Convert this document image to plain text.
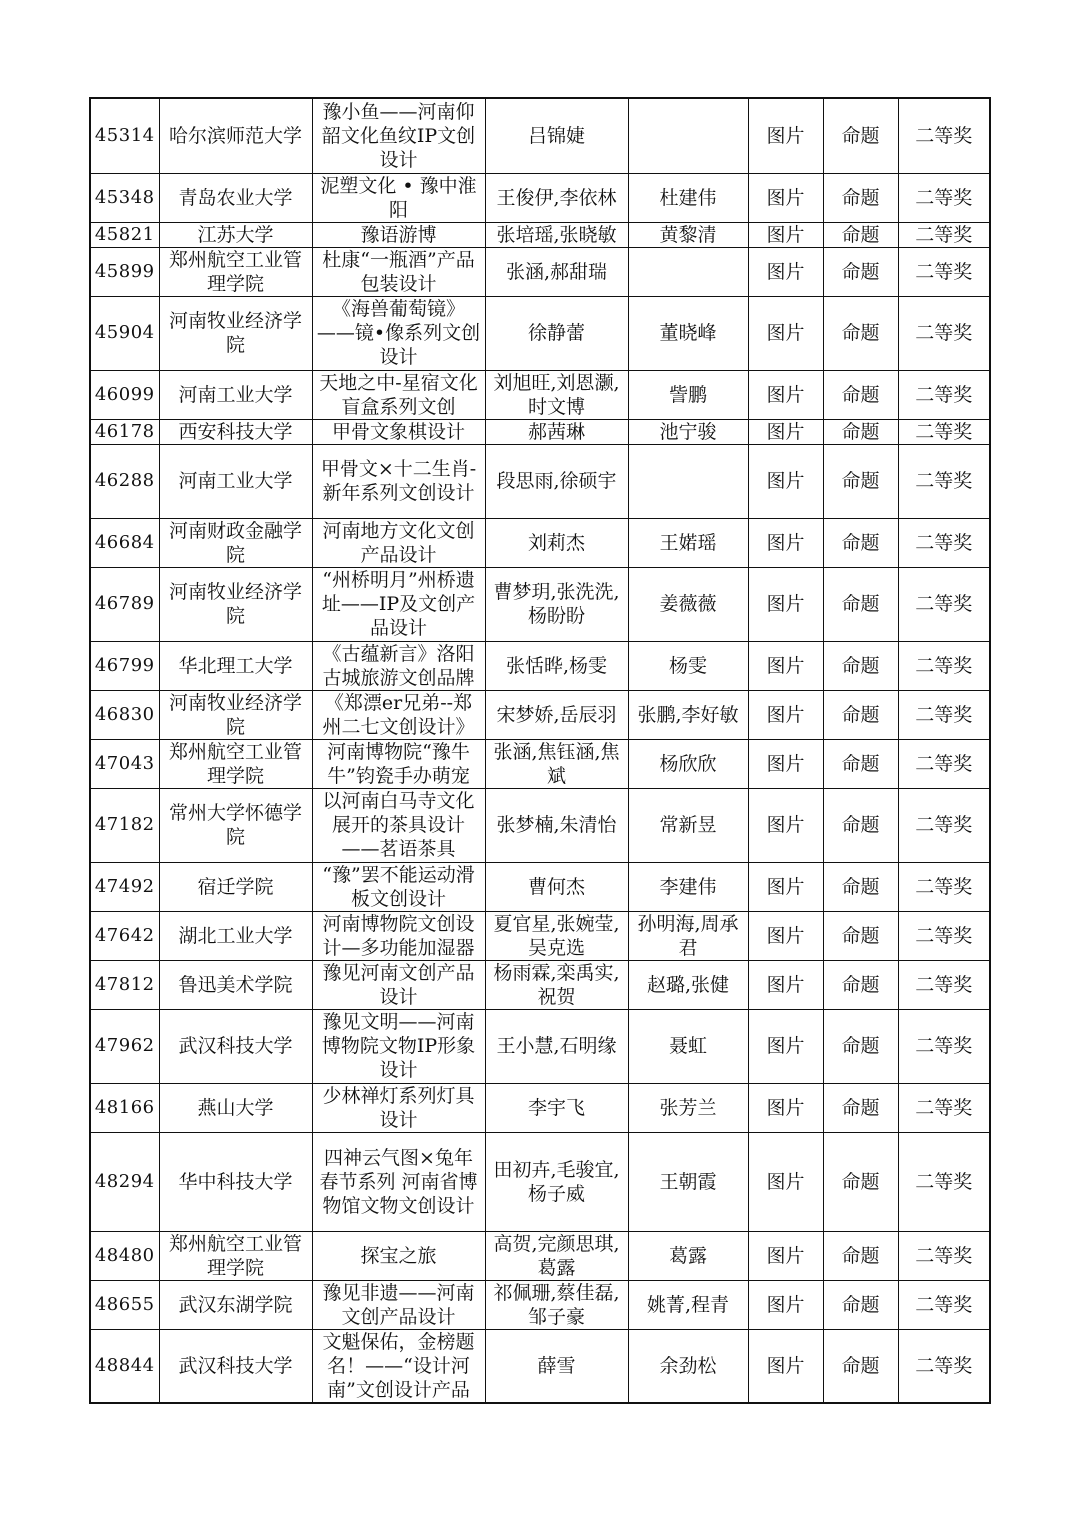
45314	哈尔滨师范大学	豫小鱼——河南仰韶文化鱼纹IP文创设计	吕锦婕		图片	命题	二等奖
45348	青岛农业大学	泥塑文化 • 豫中淮阳	王俊伊,李依林	杜建伟	图片	命题	二等奖
45821	江苏大学	豫语游博	张培瑶,张晓敏	黄黎清	图片	命题	二等奖
45899	郑州航空工业管理学院	杜康“一瓶酒”产品包装设计	张涵,郝甜瑞		图片	命题	二等奖
45904	河南牧业经济学院	《海兽葡萄镜》——镜•像系列文创设计	徐静蕾	董晓峰	图片	命题	二等奖
46099	河南工业大学	天地之中-星宿文化盲盒系列文创	刘旭旺,刘恩灏,时文博	訾鹏	图片	命题	二等奖
46178	西安科技大学	甲骨文象棋设计	郝茜琳	池宁骏	图片	命题	二等奖
46288	河南工业大学	甲骨文×十二生肖-新年系列文创设计	段思雨,徐硕宇		图片	命题	二等奖
46684	河南财政金融学院	河南地方文化文创产品设计	刘莉杰	王婼瑶	图片	命题	二等奖
46789	河南牧业经济学院	“州桥明月”州桥遗址——IP及文创产品设计	曹梦玥,张洗洗,杨盼盼	姜薇薇	图片	命题	二等奖
46799	华北理工大学	《古蕴新言》洛阳古城旅游文创品牌	张恬晔,杨雯	杨雯	图片	命题	二等奖
46830	河南牧业经济学院	《郑漂er兄弟--郑州二七文创设计》	宋梦娇,岳辰羽	张鹏,李好敏	图片	命题	二等奖
47043	郑州航空工业管理学院	河南博物院“豫牛牛”钧瓷手办萌宠	张涵,焦钰涵,焦斌	杨欣欣	图片	命题	二等奖
47182	常州大学怀德学院	以河南白马寺文化展开的茶具设计——茗语茶具	张梦楠,朱清怡	常新昱	图片	命题	二等奖
47492	宿迁学院	“豫”罢不能运动滑板文创设计	曹何杰	李建伟	图片	命题	二等奖
47642	湖北工业大学	河南博物院文创设计—多功能加湿器	夏官星,张婉莹,吴克选	孙明海,周承君	图片	命题	二等奖
47812	鲁迅美术学院	豫见河南文创产品设计	杨雨霖,栾禹实,祝贺	赵璐,张健	图片	命题	二等奖
47962	武汉科技大学	豫见文明——河南博物院文物IP形象设计	王小慧,石明缘	聂虹	图片	命题	二等奖
48166	燕山大学	少林禅灯系列灯具设计	李宇飞	张芳兰	图片	命题	二等奖
48294	华中科技大学	四神云气图×兔年春节系列 河南省博物馆文物文创设计	田初卉,毛骏宜,杨子威	王朝霞	图片	命题	二等奖
48480	郑州航空工业管理学院	探宝之旅	高贺,完颜思琪,葛露	葛露	图片	命题	二等奖
48655	武汉东湖学院	豫见非遗——河南文创产品设计	祁佩珊,蔡佳磊,邹子豪	姚菁,程青	图片	命题	二等奖
48844	武汉科技大学	文魁保佑，金榜题名！——“设计河南”文创设计产品	薛雪	余劲松	图片	命题	二等奖
